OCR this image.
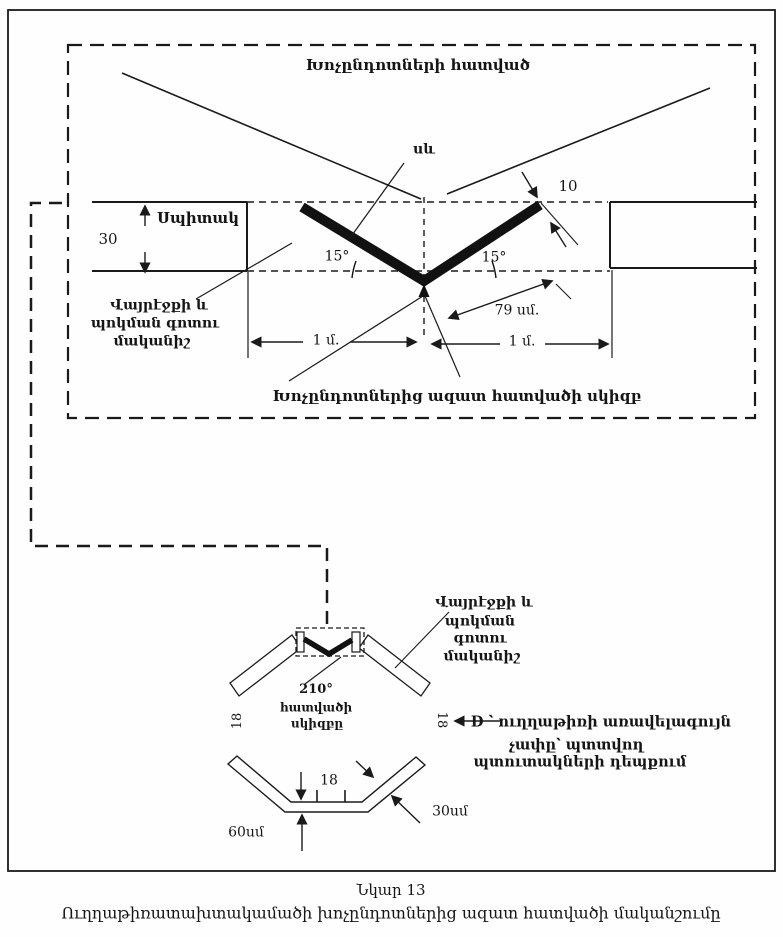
Խոչընդոտների հատված
սև
Սպիտակ
30
Վայրէջքի և
պոկման գոտու
մականիշ
15°	15°
10
79 սմ.
1 մ.	1 մ.
Խոչընդոտներից ազատ հատվածի սկիզբ
Վայրէջքի և
պոկման
գոտու
մականիշ
210°
հատվածի
սկիզբը
18	18 D ՝ ուղղաթիռի առավելագույն
չափը՝ պտտվող
պտուտակների դեպքում
18
30սմ
60սմ
Նկար 13
Ուղղաթիռատախտակամածի խոչընդոտներից ազատ հատվածի մականշումը
